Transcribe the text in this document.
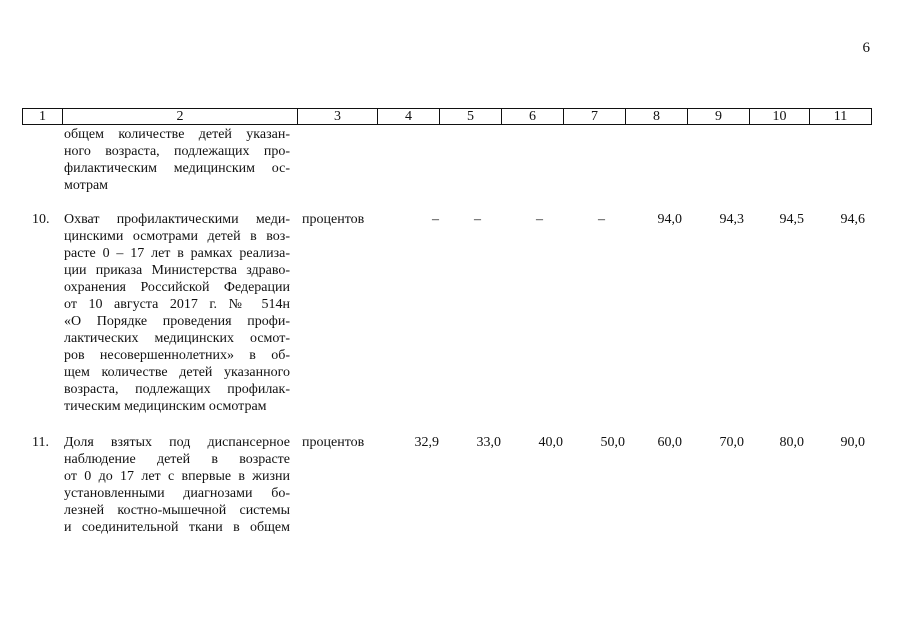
6
1	2	3	4	5	6	7	8	9	10	11
общем количестве детей указан-
ного возраста, подлежащих про-
филактическим медицинским ос-
мотрам
10.	Охват профилактическими меди-
цинскими осмотрами детей в воз-
расте 0 – 17 лет в рамках реализа-
ции приказа Министерства здраво-
охранения Российской Федерации
от 10 августа 2017 г. № 514н
«О Порядке проведения профи-
лактических медицинских осмот-
ров несовершеннолетних» в об-
щем количестве детей указанного
возраста, подлежащих профилак-
тическим медицинским осмотрам
процентов	–	–	–	–	94,0	94,3	94,5	94,6
11.	Доля взятых под диспансерное
наблюдение детей в возрасте
от 0 до 17 лет с впервые в жизни
установленными диагнозами бо-
лезней костно-мышечной системы
и соединительной ткани в общем
процентов	32,9	33,0	40,0	50,0	60,0	70,0	80,0	90,0
